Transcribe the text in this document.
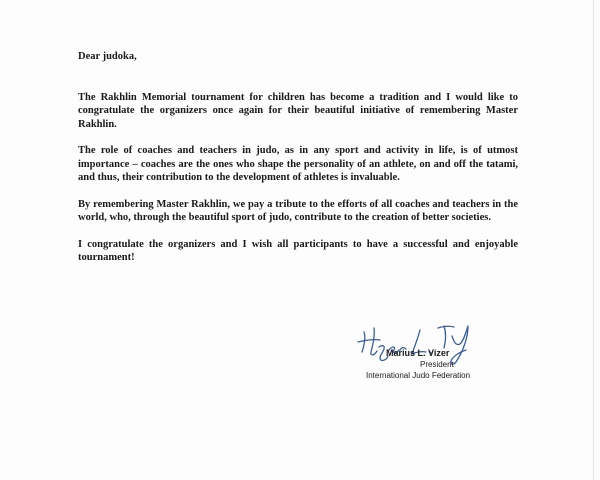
Dear judoka,

The Rakhlin Memorial tournament for children has become a tradition and I would like to congratulate the organizers once again for their beautiful initiative of remembering Master Rakhlin.

The role of coaches and teachers in judo, as in any sport and activity in life, is of utmost importance – coaches are the ones who shape the personality of an athlete, on and off the tatami, and thus, their contribution to the development of athletes is invaluable.

By remembering Master Rakhlin, we pay a tribute to the efforts of all coaches and teachers in the world, who, through the beautiful sport of judo, contribute to the creation of better societies.

I congratulate the organizers and I wish all participants to have a successful and enjoyable tournament!

Marius L. Vizer
President
International Judo Federation
